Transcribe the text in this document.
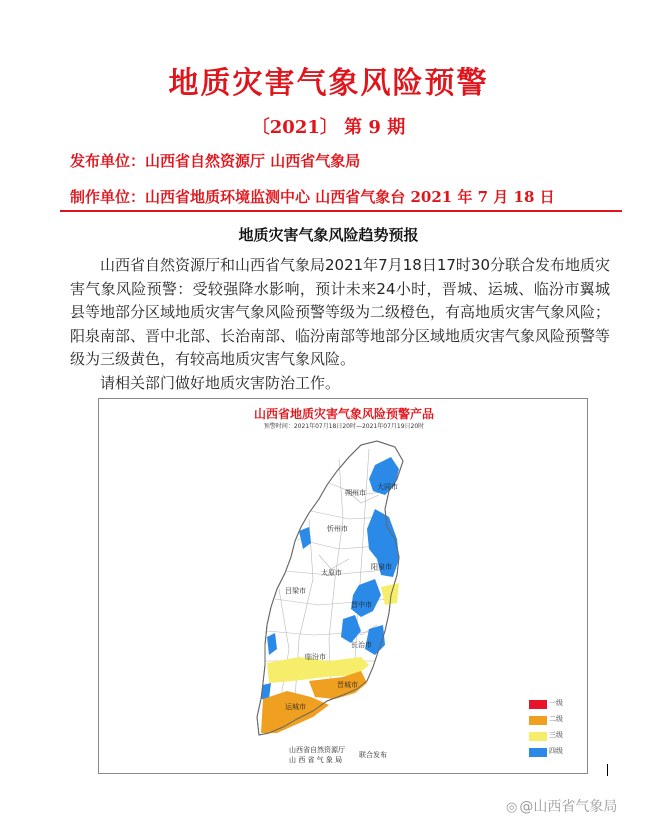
地质灾害气象风险预警
〔2021〕 第 9 期
发布单位：山西省自然资源厅 山西省气象局
制作单位：山西省地质环境监测中心 山西省气象台 2021 年 7 月 18 日
地质灾害气象风险趋势预报

山西省自然资源厅和山西省气象局2021年7月18日17时30分联合发布地质灾害气象风险预警：受较强降水影响，预计未来24小时，晋城、运城、临汾市翼城县等地部分区域地质灾害气象风险预警等级为二级橙色，有高地质灾害气象风险；阳泉南部、晋中北部、长治南部、临汾南部等地部分区域地质灾害气象风险预警等级为三级黄色，有较高地质灾害气象风险。

请相关部门做好地质灾害防治工作。

大同市
朔州市
忻州市
阳泉市
太原市
吕梁市
晋中市
长治市
临汾市
晋城市
运城市
山西省地质灾害气象风险预警产品
预警时间：2021年07月18日20时—2021年07月19日20时
一级
二级
三级
四级
山西省自然资源厅
山 西 省 气 象 局
联合发布
◎ @山西省气象局
